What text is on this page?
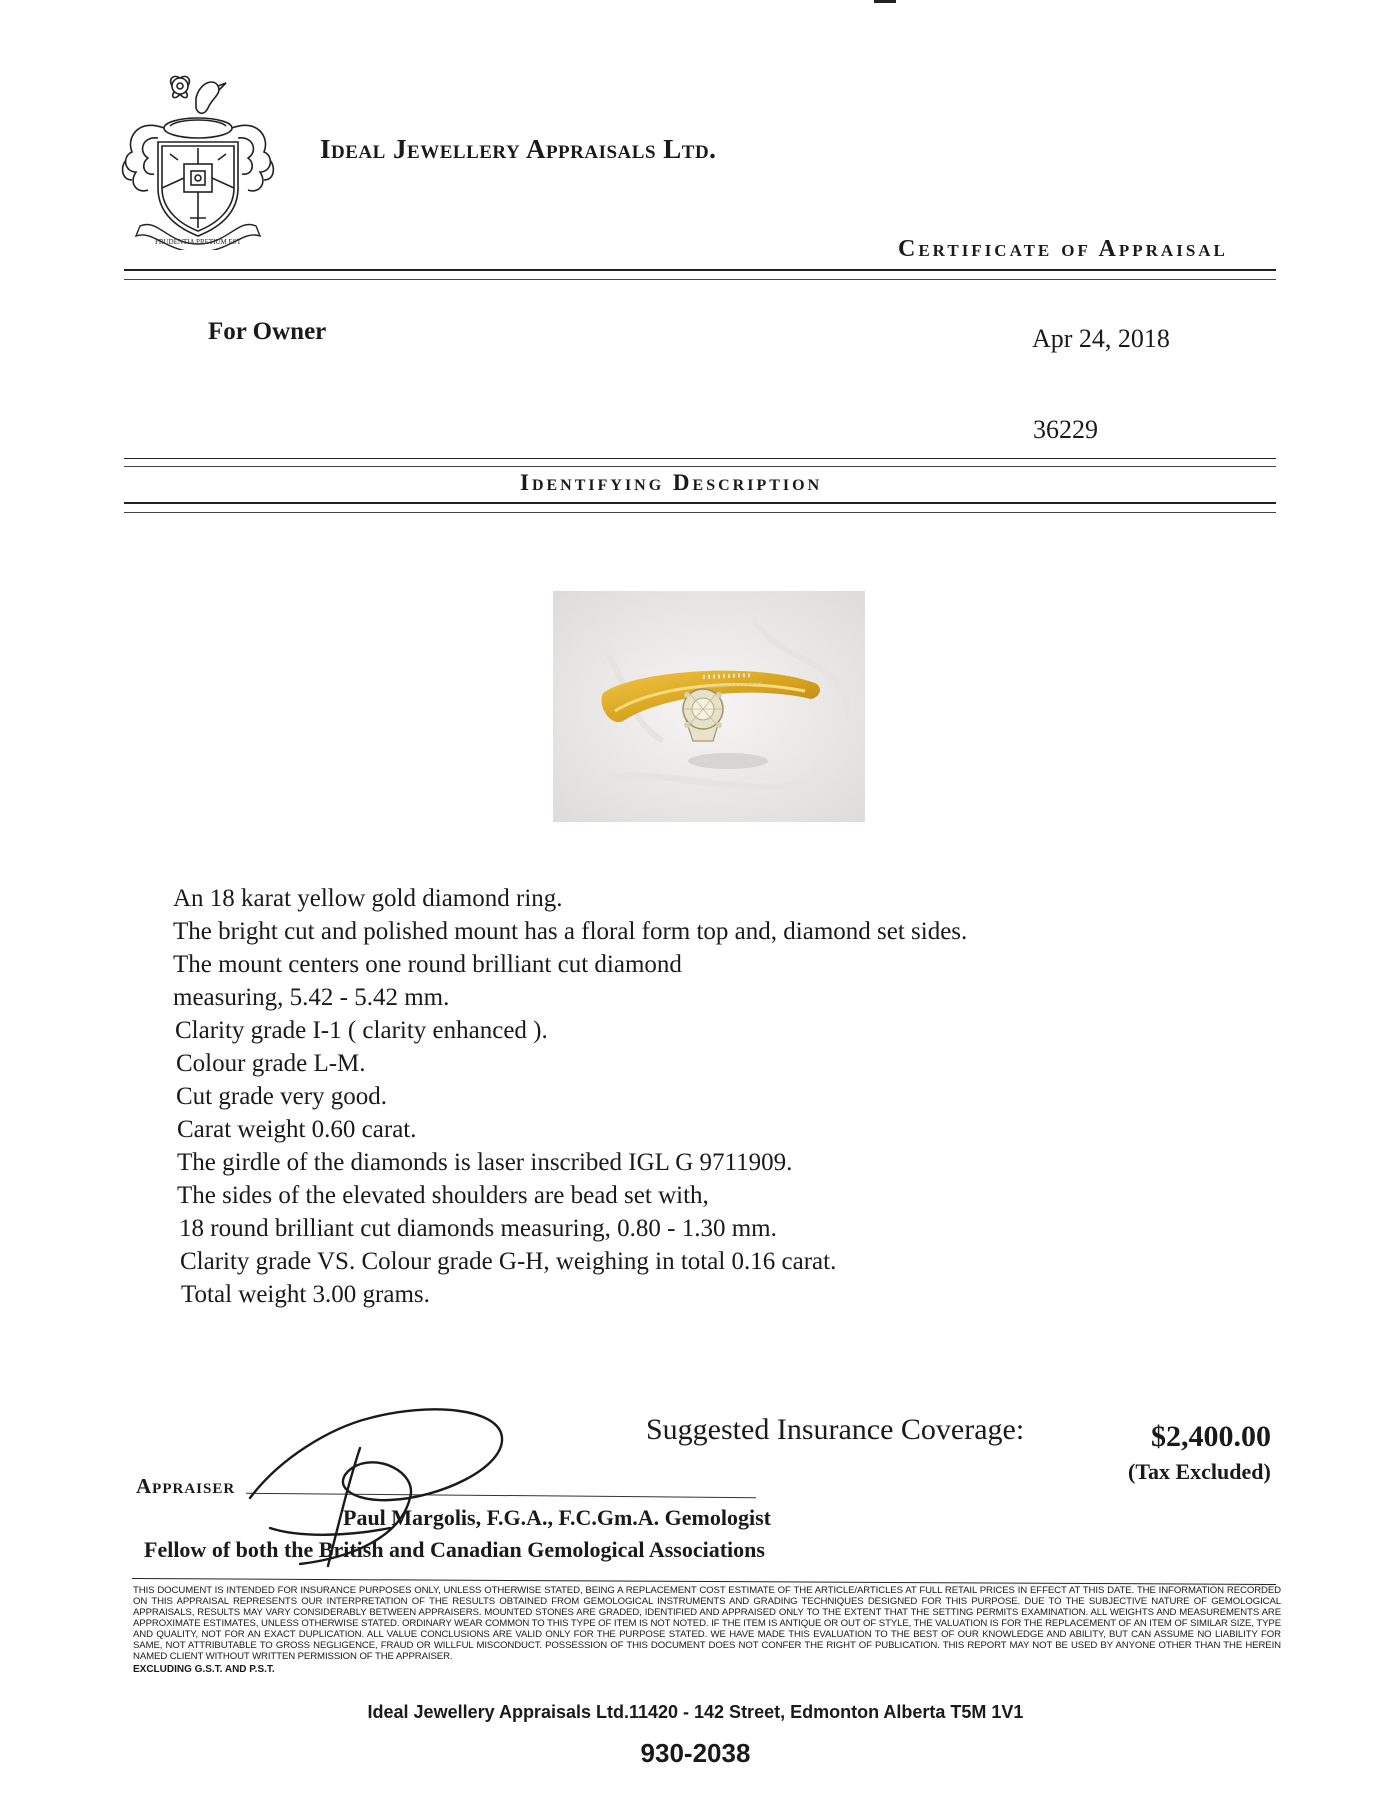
PRUDENTIA PRETIUM EST
Ideal Jewellery Appraisals Ltd.
Certificate of Appraisal
For Owner	Apr 24, 2018
36229
Identifying Description
An 18 karat yellow gold diamond ring.
The bright cut and polished mount has a floral form top and, diamond set sides.
The mount centers one round brilliant cut diamond
measuring, 5.42 - 5.42 mm.
Clarity grade I-1 ( clarity enhanced ).
Colour grade L-M.
Cut grade very good.
Carat weight 0.60 carat.
The girdle of the diamonds is laser inscribed IGL G 9711909.
The sides of the elevated shoulders are bead set with,
18 round brilliant cut diamonds measuring, 0.80 - 1.30 mm.
Clarity grade VS. Colour grade G-H, weighing in total 0.16 carat.
Total weight 3.00 grams.
Suggested Insurance Coverage:	$2,400.00
(Tax Excluded)
Appraiser
Paul Margolis, F.G.A., F.C.Gm.A. Gemologist
Fellow of both the British and Canadian Gemological Associations
THIS DOCUMENT IS INTENDED FOR INSURANCE PURPOSES ONLY, UNLESS OTHERWISE STATED, BEING A REPLACEMENT COST ESTIMATE OF THE ARTICLE/ARTICLES AT FULL RETAIL PRICES IN EFFECT AT THIS DATE. THE INFORMATION RECORDED ON THIS APPRAISAL REPRESENTS OUR INTERPRETATION OF THE RESULTS OBTAINED FROM GEMOLOGICAL INSTRUMENTS AND GRADING TECHNIQUES DESIGNED FOR THIS PURPOSE. DUE TO THE SUBJECTIVE NATURE OF GEMOLOGICAL APPRAISALS, RESULTS MAY VARY CONSIDERABLY BETWEEN APPRAISERS. MOUNTED STONES ARE GRADED, IDENTIFIED AND APPRAISED ONLY TO THE EXTENT THAT THE SETTING PERMITS EXAMINATION. ALL WEIGHTS AND MEASUREMENTS ARE APPROXIMATE ESTIMATES, UNLESS OTHERWISE STATED. ORDINARY WEAR COMMON TO THIS TYPE OF ITEM IS NOT NOTED. IF THE ITEM IS ANTIQUE OR OUT OF STYLE, THE VALUATION IS FOR THE REPLACEMENT OF AN ITEM OF SIMILAR SIZE, TYPE AND QUALITY, NOT FOR AN EXACT DUPLICATION. ALL VALUE CONCLUSIONS ARE VALID ONLY FOR THE PURPOSE STATED. WE HAVE MADE THIS EVALUATION TO THE BEST OF OUR KNOWLEDGE AND ABILITY, BUT CAN ASSUME NO LIABILITY FOR SAME, NOT ATTRIBUTABLE TO GROSS NEGLIGENCE, FRAUD OR WILLFUL MISCONDUCT. POSSESSION OF THIS DOCUMENT DOES NOT CONFER THE RIGHT OF PUBLICATION. THIS REPORT MAY NOT BE USED BY ANYONE OTHER THAN THE HEREIN NAMED CLIENT WITHOUT WRITTEN PERMISSION OF THE APPRAISER.
EXCLUDING G.S.T. AND P.S.T.
Ideal Jewellery Appraisals Ltd.11420 - 142 Street, Edmonton Alberta T5M 1V1
930-2038
